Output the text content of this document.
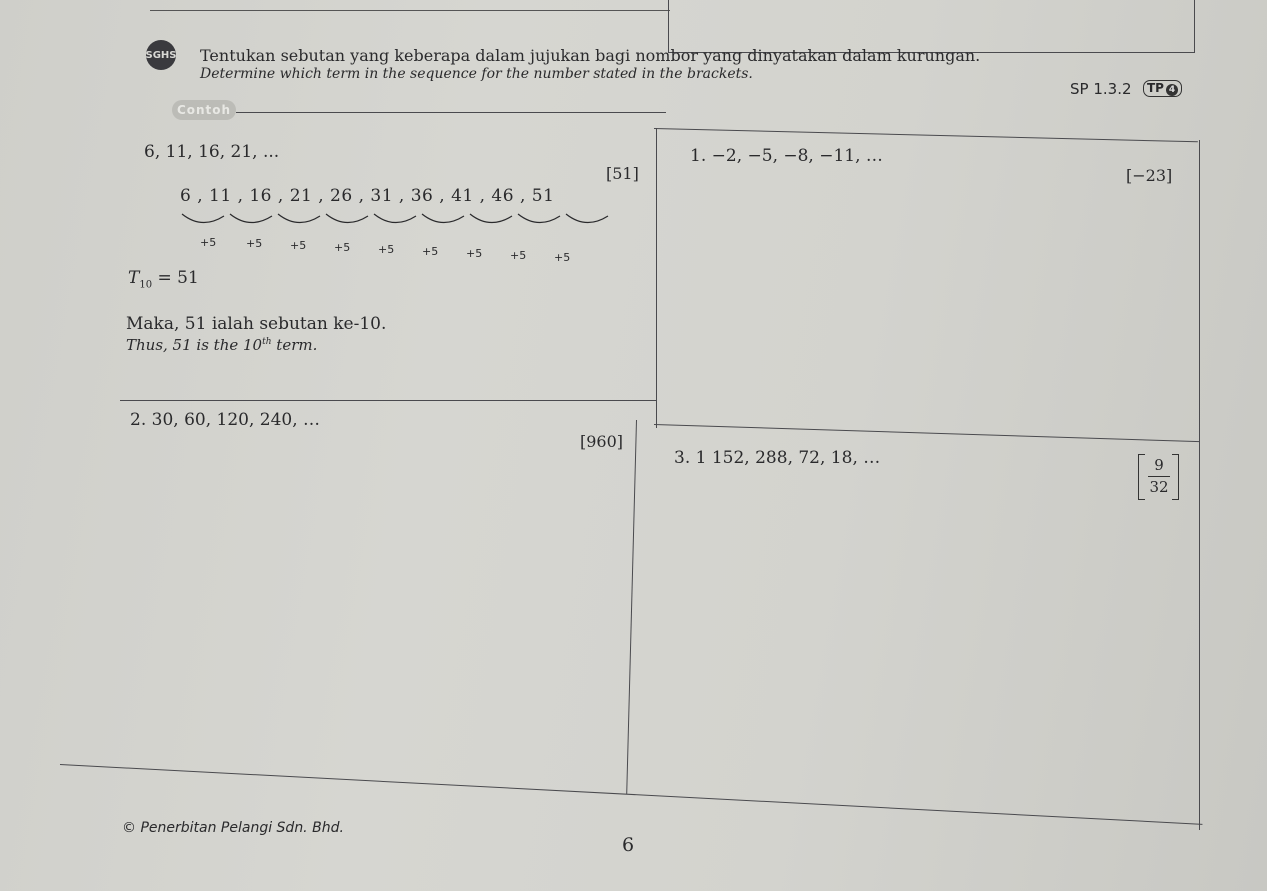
SGHS Tentukan sebutan yang keberapa dalam jujukan bagi nombor yang dinyatakan dalam kurungan.
Determine which term in the sequence for the number stated in the brackets.
SP 1.3.2	TP 4
Contoh
6, 11, 16, 21, ...
[51]
6 , 11 , 16 , 21 , 26 , 31 , 36 , 41 , 46 , 51
+5	+5	+5	+5	+5	+5	+5	+5	+5
$T_{10} = 51$
Maka, 51 ialah sebutan ke-10.
Thus, 51 is the 10th term.
1. −2, −5, −8, −11, …
[−23]
2. 30, 60, 120, 240, …
[960]
3. 1 152, 288, 72, 18, …	9
32
© Penerbitan Pelangi Sdn. Bhd.
6
